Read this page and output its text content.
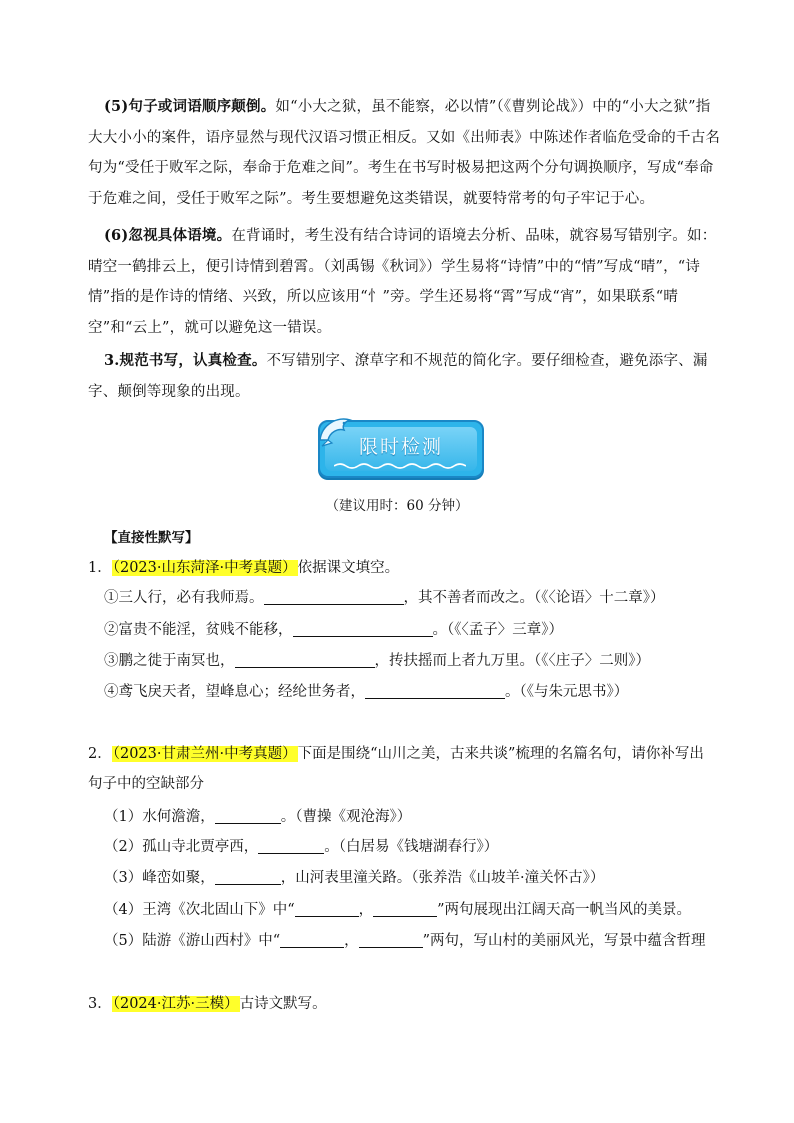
(5)句子或词语顺序颠倒。如“小大之狱，虽不能察，必以情”（《曹刿论战》）中的“小大之狱”指大大小小的案件，语序显然与现代汉语习惯正相反。又如《出师表》中陈述作者临危受命的千古名句为“受任于败军之际，奉命于危难之间”。考生在书写时极易把这两个分句调换顺序，写成“奉命于危难之间，受任于败军之际”。考生要想避免这类错误，就要特常考的句子牢记于心。
(6)忽视具体语境。在背诵时，考生没有结合诗词的语境去分析、品味，就容易写错别字。如：晴空一鹤排云上，便引诗情到碧霄。（刘禹锡《秋词》）学生易将“诗情”中的“情”写成“晴”，“诗情”指的是作诗的情绪、兴致，所以应该用“忄”旁。学生还易将“霄”写成“宵”，如果联系“晴空”和“云上”，就可以避免这一错误。
3.规范书写，认真检查。不写错别字、潦草字和不规范的简化字。要仔细检查，避免添字、漏字、颠倒等现象的出现。
限时检测
（建议用时：60 分钟）
【直接性默写】
1．（2023·山东菏泽·中考真题）依据课文填空。
①三人行，必有我师焉。	，其不善者而改之。（《〈论语〉十二章》）
②富贵不能淫，贫贱不能移，	。（《〈孟子〉三章》）
③鹏之徙于南冥也，	，抟扶摇而上者九万里。（《〈庄子〉二则》）
④鸢飞戾天者，望峰息心；经纶世务者，	。（《与朱元思书》）
2．（2023·甘肃兰州·中考真题）下面是围绕“山川之美，古来共谈”梳理的名篇名句，请你补写出
句子中的空缺部分
（1）水何澹澹，	。（曹操《观沧海》）
（2）孤山寺北贾亭西，	。（白居易《钱塘湖春行》）
（3）峰峦如聚，	，山河表里潼关路。（张养浩《山坡羊·潼关怀古》）
（4）王湾《次北固山下》中“	，	”两句展现出江阔天高一帆当风的美景。
（5）陆游《游山西村》中“	，	”两句，写山村的美丽风光，写景中蕴含哲理
3．（2024·江苏·三模）古诗文默写。
